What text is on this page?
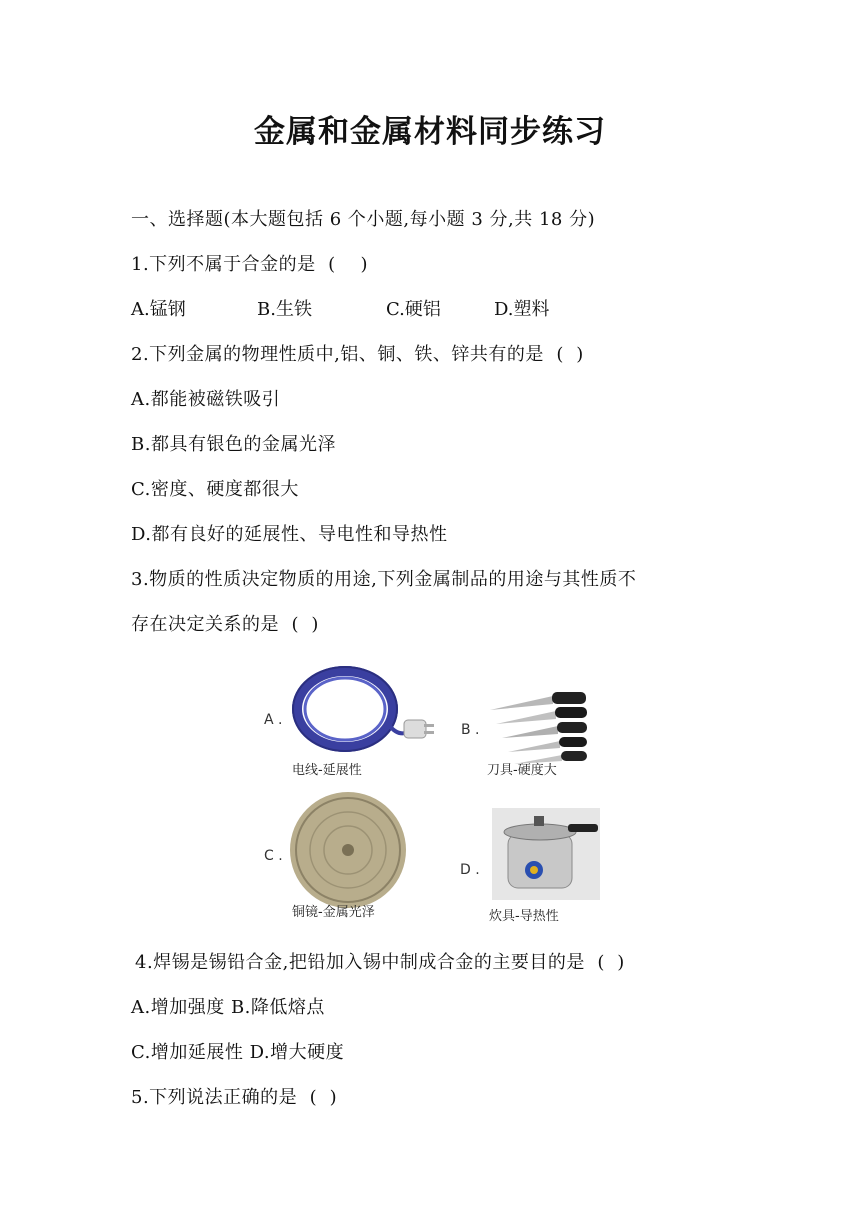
金属和金属材料同步练习
一、选择题(本大题包括 6 个小题,每小题 3 分,共 18 分)
1.下列不属于合金的是  (    )
A.锰钢	B.生铁	C.硬铝	D.塑料
2.下列金属的物理性质中,铝、铜、铁、锌共有的是  (  )
A.都能被磁铁吸引
B.都具有银色的金属光泽
C.密度、硬度都很大
D.都有良好的延展性、导电性和导热性
3.物质的性质决定物质的用途,下列金属制品的用途与其性质不
存在决定关系的是  (  )
A .
电线-延展性
B .
刀具-硬度大
C .
铜镜-金属光泽
D .
炊具-导热性
4.焊锡是锡铅合金,把铅加入锡中制成合金的主要目的是  (  )
A.增加强度 B.降低熔点
C.增加延展性 D.增大硬度
5.下列说法正确的是  (  )
